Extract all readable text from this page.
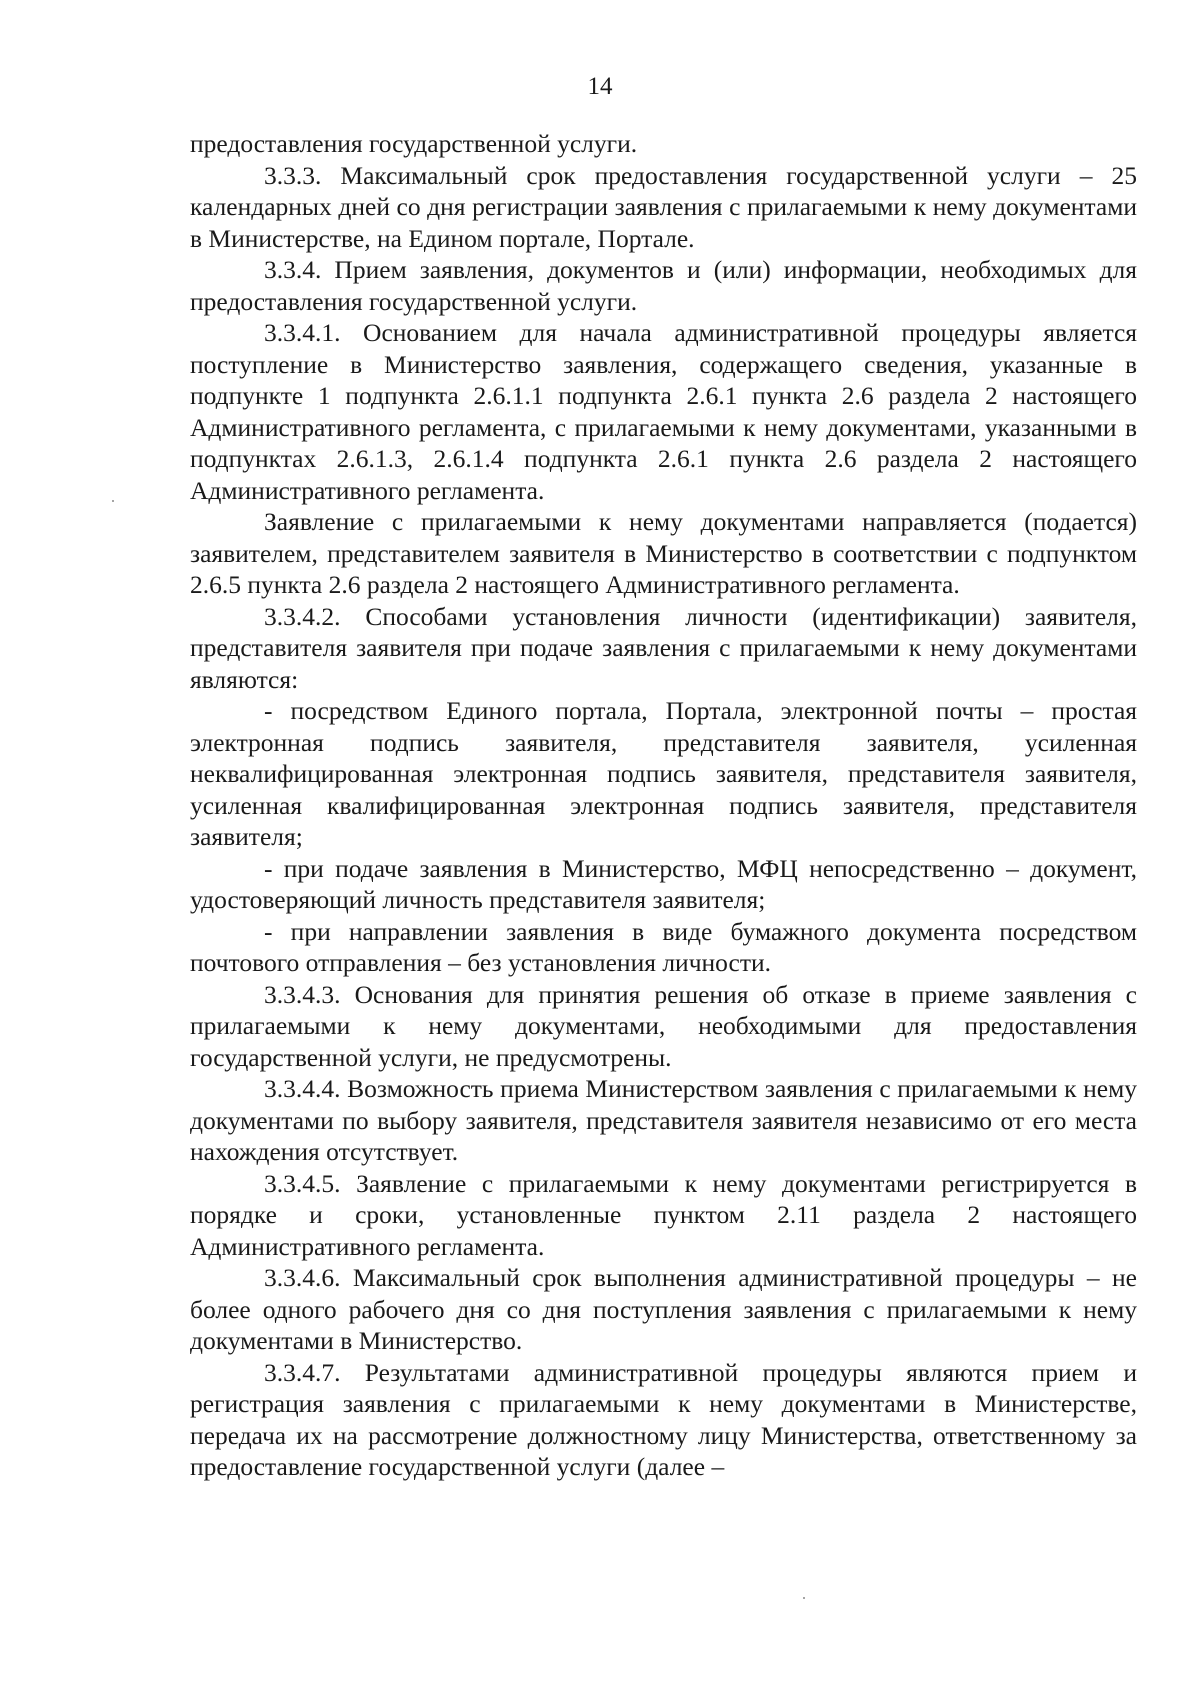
14

предоставления государственной услуги.

3.3.3. Максимальный срок предоставления государственной услуги – 25 календарных дней со дня регистрации заявления с прилагаемыми к нему документами в Министерстве, на Едином портале, Портале.

3.3.4. Прием заявления, документов и (или) информации, необходимых для предоставления государственной услуги.

3.3.4.1. Основанием для начала административной процедуры является поступление в Министерство заявления, содержащего сведения, указанные в подпункте 1 подпункта 2.6.1.1 подпункта 2.6.1 пункта 2.6 раздела 2 настоящего Административного регламента, с прилагаемыми к нему документами, указанными в подпунктах 2.6.1.3, 2.6.1.4 подпункта 2.6.1 пункта 2.6 раздела 2 настоящего Административного регламента.

Заявление с прилагаемыми к нему документами направляется (подается) заявителем, представителем заявителя в Министерство в соответствии с подпунктом 2.6.5 пункта 2.6 раздела 2 настоящего Административного регламента.

3.3.4.2. Способами установления личности (идентификации) заявителя, представителя заявителя при подаче заявления с прилагаемыми к нему документами являются:

- посредством Единого портала, Портала, электронной почты – простая электронная подпись заявителя, представителя заявителя, усиленная неквалифицированная электронная подпись заявителя, представителя заявителя, усиленная квалифицированная электронная подпись заявителя, представителя заявителя;

- при подаче заявления в Министерство, МФЦ непосредственно – документ, удостоверяющий личность представителя заявителя;

- при направлении заявления в виде бумажного документа посредством почтового отправления – без установления личности.

3.3.4.3. Основания для принятия решения об отказе в приеме заявления с прилагаемыми к нему документами, необходимыми для предоставления государственной услуги, не предусмотрены.

3.3.4.4. Возможность приема Министерством заявления с прилагаемыми к нему документами по выбору заявителя, представителя заявителя независимо от его места нахождения отсутствует.

3.3.4.5. Заявление с прилагаемыми к нему документами регистрируется в порядке и сроки, установленные пунктом 2.11 раздела 2 настоящего Административного регламента.

3.3.4.6. Максимальный срок выполнения административной процедуры – не более одного рабочего дня со дня поступления заявления с прилагаемыми к нему документами в Министерство.

3.3.4.7. Результатами административной процедуры являются прием и регистрация заявления с прилагаемыми к нему документами в Министерстве, передача их на рассмотрение должностному лицу Министерства, ответственному за предоставление государственной услуги (далее –
